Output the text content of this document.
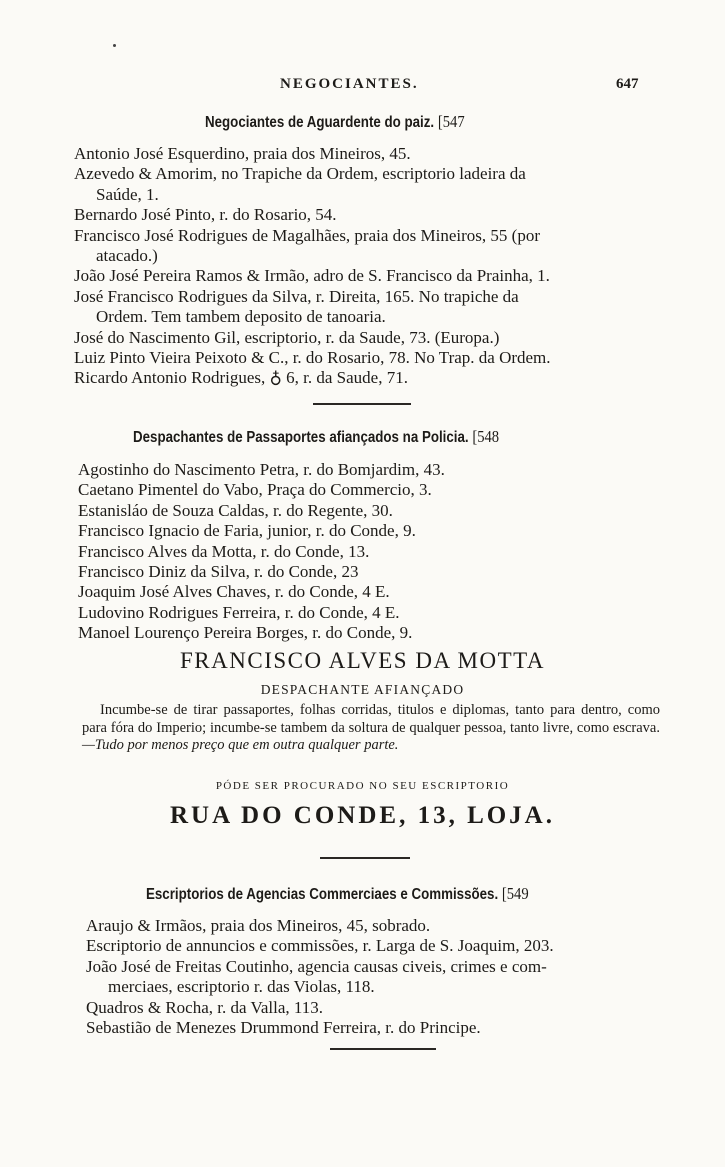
NEGOCIANTES.	647
Negociantes de Aguardente do paiz. [547
Antonio José Esquerdino, praia dos Mineiros, 45.
Azevedo & Amorim, no Trapiche da Ordem, escriptorio ladeira da
Saúde, 1.
Bernardo José Pinto, r. do Rosario, 54.
Francisco José Rodrigues de Magalhães, praia dos Mineiros, 55 (por
atacado.)
João José Pereira Ramos & Irmão, adro de S. Francisco da Prainha, 1.
José Francisco Rodrigues da Silva, r. Direita, 165. No trapiche da
Ordem. Tem tambem deposito de tanoaria.
José do Nascimento Gil, escriptorio, r. da Saude, 73. (Europa.)
Luiz Pinto Vieira Peixoto & C., r. do Rosario, 78. No Trap. da Ordem.
Ricardo Antonio Rodrigues, ♁ 6, r. da Saude, 71.
Despachantes de Passaportes afiançados na Policia. [548
Agostinho do Nascimento Petra, r. do Bomjardim, 43.
Caetano Pimentel do Vabo, Praça do Commercio, 3.
Estanisláo de Souza Caldas, r. do Regente, 30.
Francisco Ignacio de Faria, junior, r. do Conde, 9.
Francisco Alves da Motta, r. do Conde, 13.
Francisco Diniz da Silva, r. do Conde, 23
Joaquim José Alves Chaves, r. do Conde, 4 E.
Ludovino Rodrigues Ferreira, r. do Conde, 4 E.
Manoel Lourenço Pereira Borges, r. do Conde, 9.
FRANCISCO ALVES DA MOTTA
DESPACHANTE AFIANÇADO
Incumbe-se de tirar passaportes, folhas corridas, titulos e diplomas, tanto para dentro, como para fóra do Imperio; incumbe-se tambem da soltura de qualquer pessoa, tanto livre, como escrava. —Tudo por menos preço que em outra qualquer parte.
PÓDE SER PROCURADO NO SEU ESCRIPTORIO
RUA DO CONDE, 13, LOJA.
Escriptorios de Agencias Commerciaes e Commissões. [549
Araujo & Irmãos, praia dos Mineiros, 45, sobrado.
Escriptorio de annuncios e commissões, r. Larga de S. Joaquim, 203.
João José de Freitas Coutinho, agencia causas civeis, crimes e com-
merciaes, escriptorio r. das Violas, 118.
Quadros & Rocha, r. da Valla, 113.
Sebastião de Menezes Drummond Ferreira, r. do Principe.
